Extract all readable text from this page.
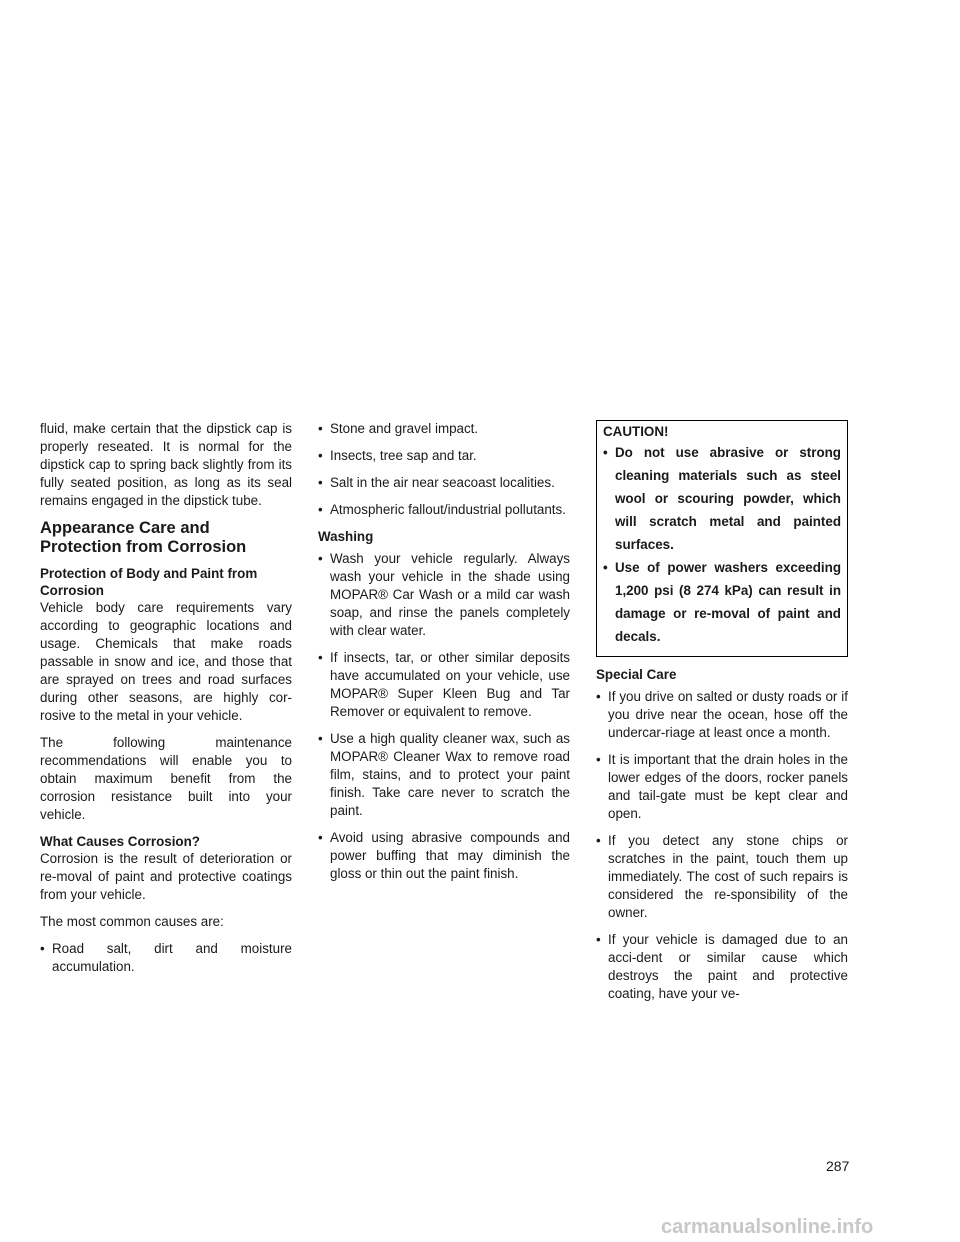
fluid, make certain that the dipstick cap is properly reseated. It is normal for the dipstick cap to spring back slightly from its fully seated position, as long as its seal remains engaged in the dipstick tube.

Appearance Care and Protection from Corrosion
Protection of Body and Paint from Corrosion

Vehicle body care requirements vary according to geographic locations and usage. Chemicals that make roads passable in snow and ice, and those that are sprayed on trees and road surfaces during other seasons, are highly cor-rosive to the metal in your vehicle.

The following maintenance recommendations will enable you to obtain maximum benefit from the corrosion resistance built into your vehicle.

What Causes Corrosion?

Corrosion is the result of deterioration or re-moval of paint and protective coatings from your vehicle.

The most common causes are:

• Road salt, dirt and moisture accumulation.
• Stone and gravel impact.
• Insects, tree sap and tar.
• Salt in the air near seacoast localities.
• Atmospheric fallout/industrial pollutants.
Washing
• Wash your vehicle regularly. Always wash your vehicle in the shade using MOPAR® Car Wash or a mild car wash soap, and rinse the panels completely with clear water.
• If insects, tar, or other similar deposits have accumulated on your vehicle, use MOPAR® Super Kleen Bug and Tar Remover or equivalent to remove.
• Use a high quality cleaner wax, such as MOPAR® Cleaner Wax to remove road film, stains, and to protect your paint finish. Take care never to scratch the paint.
• Avoid using abrasive compounds and power buffing that may diminish the gloss or thin out the paint finish.
CAUTION!
• Do not use abrasive or strong cleaning materials such as steel wool or scouring powder, which will scratch metal and painted surfaces.
• Use of power washers exceeding 1,200 psi (8 274 kPa) can result in damage or re-moval of paint and decals.
Special Care
• If you drive on salted or dusty roads or if you drive near the ocean, hose off the undercar-riage at least once a month.
• It is important that the drain holes in the lower edges of the doors, rocker panels and tail-gate must be kept clear and open.
• If you detect any stone chips or scratches in the paint, touch them up immediately. The cost of such repairs is considered the re-sponsibility of the owner.
• If your vehicle is damaged due to an acci-dent or similar cause which destroys the paint and protective coating, have your ve-
287
carmanualsonline.info
